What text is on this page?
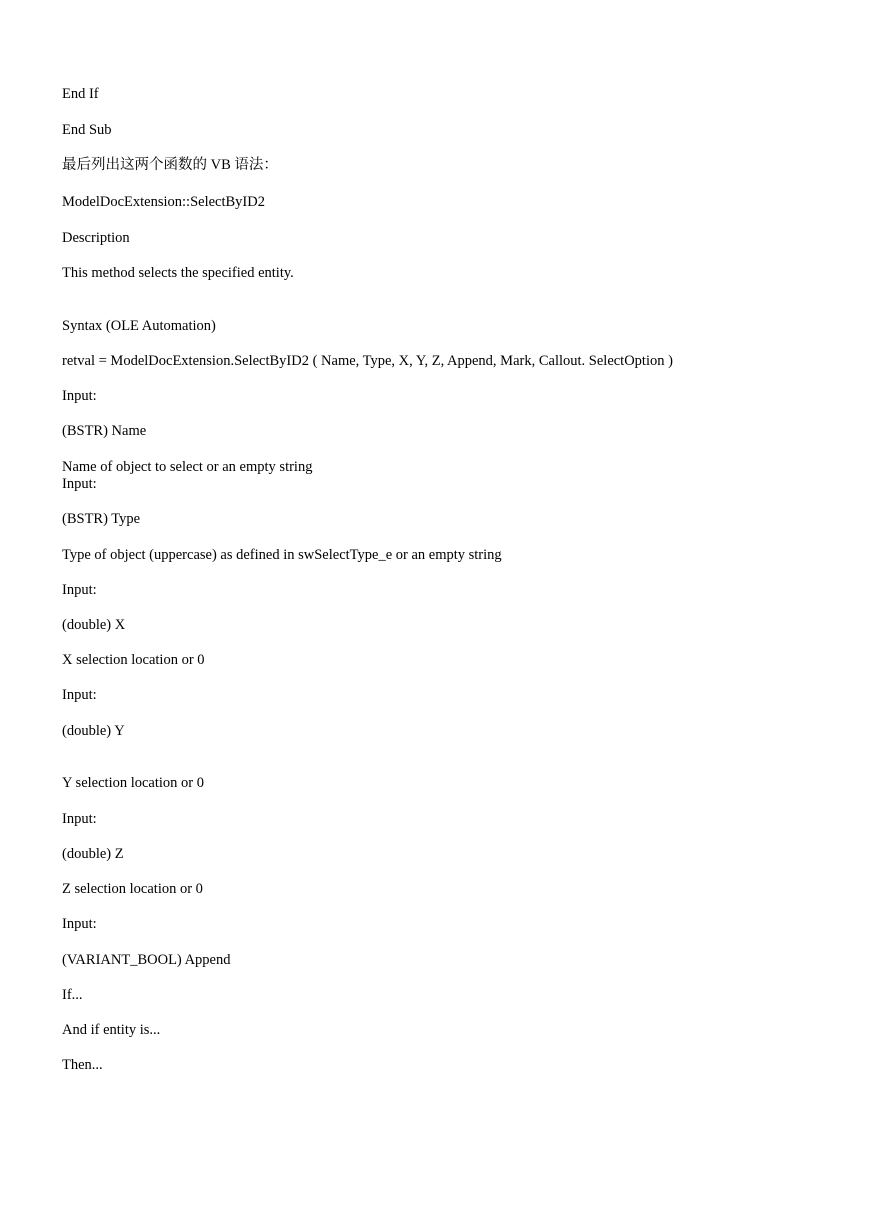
End If
End Sub
最后列出这两个函数的 VB 语法：
ModelDocExtension::SelectByID2
Description
This method selects the specified entity.
Syntax (OLE Automation)
retval = ModelDocExtension.SelectByID2 ( Name, Type, X, Y, Z, Append, Mark, Callout. SelectOption )
Input:
(BSTR) Name
Name of object to select or an empty string
Input:
(BSTR) Type
Type of object (uppercase) as defined in swSelectType_e or an empty string
Input:
(double) X
X selection location or 0
Input:
(double) Y
Y selection location or 0
Input:
(double) Z
Z selection location or 0
Input:
(VARIANT_BOOL) Append
If...
And if entity is...
Then...
